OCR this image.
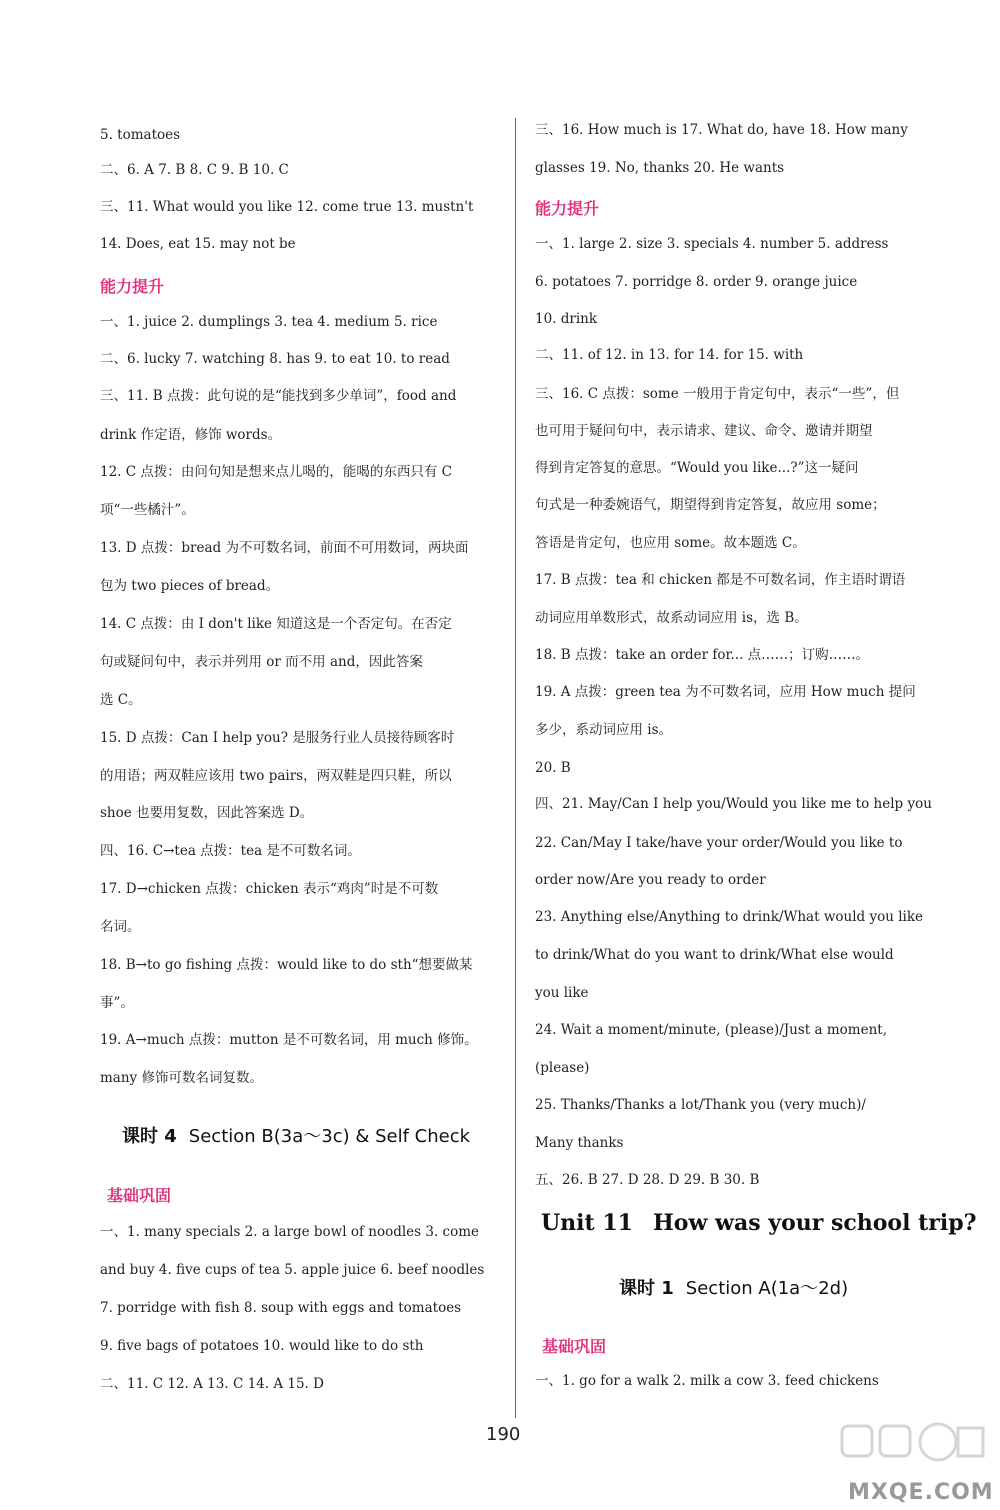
5. tomatoes
二、6. A 7. B 8. C 9. B 10. C
三、11. What would you like 12. come true 13. mustn't
14. Does, eat 15. may not be
能力提升
一、1. juice 2. dumplings 3. tea 4. medium 5. rice
二、6. lucky 7. watching 8. has 9. to eat 10. to read
三、11. B 点拨：此句说的是“能找到多少单词”，food and
drink 作定语，修饰 words。
12. C 点拨：由问句知是想来点儿喝的，能喝的东西只有 C
项“一些橘汁”。
13. D 点拨：bread 为不可数名词，前面不可用数词，两块面
包为 two pieces of bread。
14. C 点拨：由 I don't like 知道这是一个否定句。在否定
句或疑问句中，表示并列用 or 而不用 and，因此答案
选 C。
15. D 点拨：Can I help you? 是服务行业人员接待顾客时
的用语；两双鞋应该用 two pairs，两双鞋是四只鞋，所以
shoe 也要用复数，因此答案选 D。
四、16. C→tea 点拨：tea 是不可数名词。
17. D→chicken 点拨：chicken 表示“鸡肉”时是不可数
名词。
18. B→to go fishing 点拨：would like to do sth“想要做某
事”。
19. A→much 点拨：mutton 是不可数名词，用 much 修饰。
many 修饰可数名词复数。
课时 4 Section B(3a～3c) & Self Check
基础巩固
一、1. many specials 2. a large bowl of noodles 3. come
and buy 4. five cups of tea 5. apple juice 6. beef noodles
7. porridge with fish 8. soup with eggs and tomatoes
9. five bags of potatoes 10. would like to do sth
二、11. C 12. A 13. C 14. A 15. D
三、16. How much is 17. What do, have 18. How many
glasses 19. No, thanks 20. He wants
能力提升
一、1. large 2. size 3. specials 4. number 5. address
6. potatoes 7. porridge 8. order 9. orange juice
10. drink
二、11. of 12. in 13. for 14. for 15. with
三、16. C 点拨：some 一般用于肯定句中，表示“一些”，但
也可用于疑问句中，表示请求、建议、命令、邀请并期望
得到肯定答复的意思。“Would you like...?”这一疑问
句式是一种委婉语气，期望得到肯定答复，故应用 some；
答语是肯定句，也应用 some。故本题选 C。
17. B 点拨：tea 和 chicken 都是不可数名词，作主语时谓语
动词应用单数形式，故系动词应用 is，选 B。
18. B 点拨：take an order for... 点……；订购……。
19. A 点拨：green tea 为不可数名词，应用 How much 提问
多少，系动词应用 is。
20. B
四、21. May/Can I help you/Would you like me to help you
22. Can/May I take/have your order/Would you like to
order now/Are you ready to order
23. Anything else/Anything to drink/What would you like
to drink/What do you want to drink/What else would
you like
24. Wait a moment/minute, (please)/Just a moment,
(please)
25. Thanks/Thanks a lot/Thank you (very much)/
Many thanks
五、26. B 27. D 28. D 29. B 30. B
Unit 11 How was your school trip?
课时 1 Section A(1a～2d)
基础巩固
一、1. go for a walk 2. milk a cow 3. feed chickens
190
MXQE.COM
